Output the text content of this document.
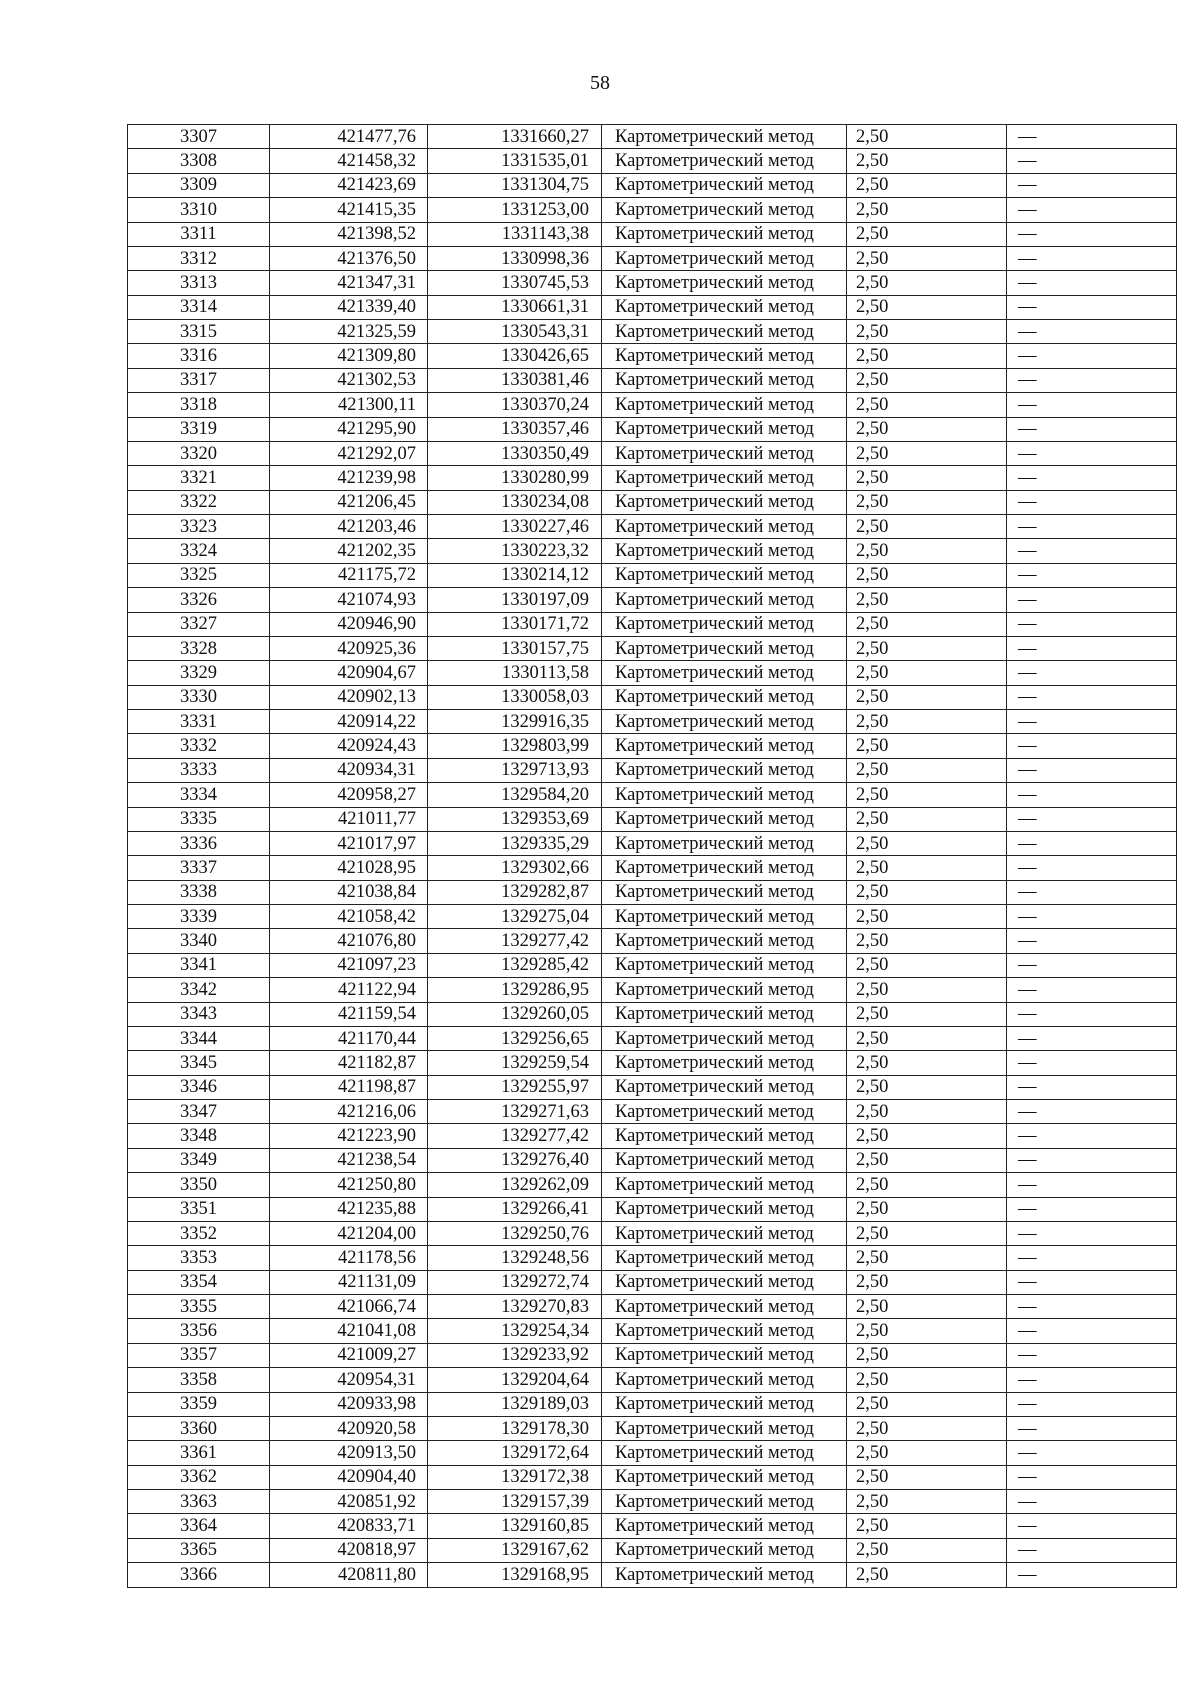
58
3307	421477,76	1331660,27	Картометрический метод	2,50	—
3308	421458,32	1331535,01	Картометрический метод	2,50	—
3309	421423,69	1331304,75	Картометрический метод	2,50	—
3310	421415,35	1331253,00	Картометрический метод	2,50	—
3311	421398,52	1331143,38	Картометрический метод	2,50	—
3312	421376,50	1330998,36	Картометрический метод	2,50	—
3313	421347,31	1330745,53	Картометрический метод	2,50	—
3314	421339,40	1330661,31	Картометрический метод	2,50	—
3315	421325,59	1330543,31	Картометрический метод	2,50	—
3316	421309,80	1330426,65	Картометрический метод	2,50	—
3317	421302,53	1330381,46	Картометрический метод	2,50	—
3318	421300,11	1330370,24	Картометрический метод	2,50	—
3319	421295,90	1330357,46	Картометрический метод	2,50	—
3320	421292,07	1330350,49	Картометрический метод	2,50	—
3321	421239,98	1330280,99	Картометрический метод	2,50	—
3322	421206,45	1330234,08	Картометрический метод	2,50	—
3323	421203,46	1330227,46	Картометрический метод	2,50	—
3324	421202,35	1330223,32	Картометрический метод	2,50	—
3325	421175,72	1330214,12	Картометрический метод	2,50	—
3326	421074,93	1330197,09	Картометрический метод	2,50	—
3327	420946,90	1330171,72	Картометрический метод	2,50	—
3328	420925,36	1330157,75	Картометрический метод	2,50	—
3329	420904,67	1330113,58	Картометрический метод	2,50	—
3330	420902,13	1330058,03	Картометрический метод	2,50	—
3331	420914,22	1329916,35	Картометрический метод	2,50	—
3332	420924,43	1329803,99	Картометрический метод	2,50	—
3333	420934,31	1329713,93	Картометрический метод	2,50	—
3334	420958,27	1329584,20	Картометрический метод	2,50	—
3335	421011,77	1329353,69	Картометрический метод	2,50	—
3336	421017,97	1329335,29	Картометрический метод	2,50	—
3337	421028,95	1329302,66	Картометрический метод	2,50	—
3338	421038,84	1329282,87	Картометрический метод	2,50	—
3339	421058,42	1329275,04	Картометрический метод	2,50	—
3340	421076,80	1329277,42	Картометрический метод	2,50	—
3341	421097,23	1329285,42	Картометрический метод	2,50	—
3342	421122,94	1329286,95	Картометрический метод	2,50	—
3343	421159,54	1329260,05	Картометрический метод	2,50	—
3344	421170,44	1329256,65	Картометрический метод	2,50	—
3345	421182,87	1329259,54	Картометрический метод	2,50	—
3346	421198,87	1329255,97	Картометрический метод	2,50	—
3347	421216,06	1329271,63	Картометрический метод	2,50	—
3348	421223,90	1329277,42	Картометрический метод	2,50	—
3349	421238,54	1329276,40	Картометрический метод	2,50	—
3350	421250,80	1329262,09	Картометрический метод	2,50	—
3351	421235,88	1329266,41	Картометрический метод	2,50	—
3352	421204,00	1329250,76	Картометрический метод	2,50	—
3353	421178,56	1329248,56	Картометрический метод	2,50	—
3354	421131,09	1329272,74	Картометрический метод	2,50	—
3355	421066,74	1329270,83	Картометрический метод	2,50	—
3356	421041,08	1329254,34	Картометрический метод	2,50	—
3357	421009,27	1329233,92	Картометрический метод	2,50	—
3358	420954,31	1329204,64	Картометрический метод	2,50	—
3359	420933,98	1329189,03	Картометрический метод	2,50	—
3360	420920,58	1329178,30	Картометрический метод	2,50	—
3361	420913,50	1329172,64	Картометрический метод	2,50	—
3362	420904,40	1329172,38	Картометрический метод	2,50	—
3363	420851,92	1329157,39	Картометрический метод	2,50	—
3364	420833,71	1329160,85	Картометрический метод	2,50	—
3365	420818,97	1329167,62	Картометрический метод	2,50	—
3366	420811,80	1329168,95	Картометрический метод	2,50	—
